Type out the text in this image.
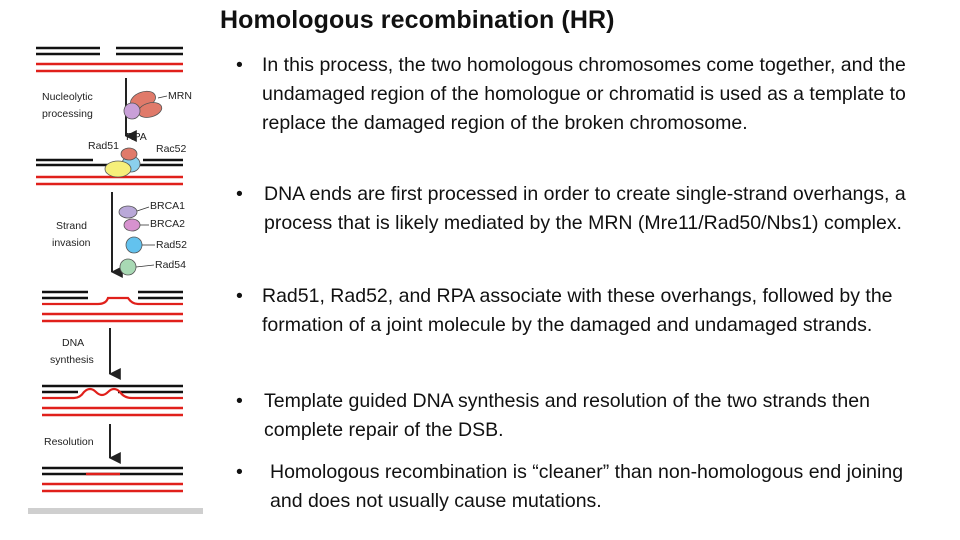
Homologous recombination (HR)
• In this process, the two homologous chromosomes come together, and the undamaged region of the homologue or chromatid is used as a template to replace the damaged region of the broken chromosome.
•	DNA ends are first processed in order to create single-strand overhangs, a process that is likely mediated by the MRN (Mre11/Rad50/Nbs1) complex.
• Rad51, Rad52, and RPA associate with these overhangs, followed by the formation of a joint molecule by the damaged and undamaged strands.
•	Template guided DNA synthesis and resolution of the two strands then complete repair of the DSB.
•	Homologous recombination is “cleaner” than non-homologous end joining and does not usually cause mutations.
Nucleolytic
processing
MRN
RPA
Rad51	Rac52
Strand
invasion
BRCA1
BRCA2
Rad52
Rad54
DNA
synthesis
Resolution
